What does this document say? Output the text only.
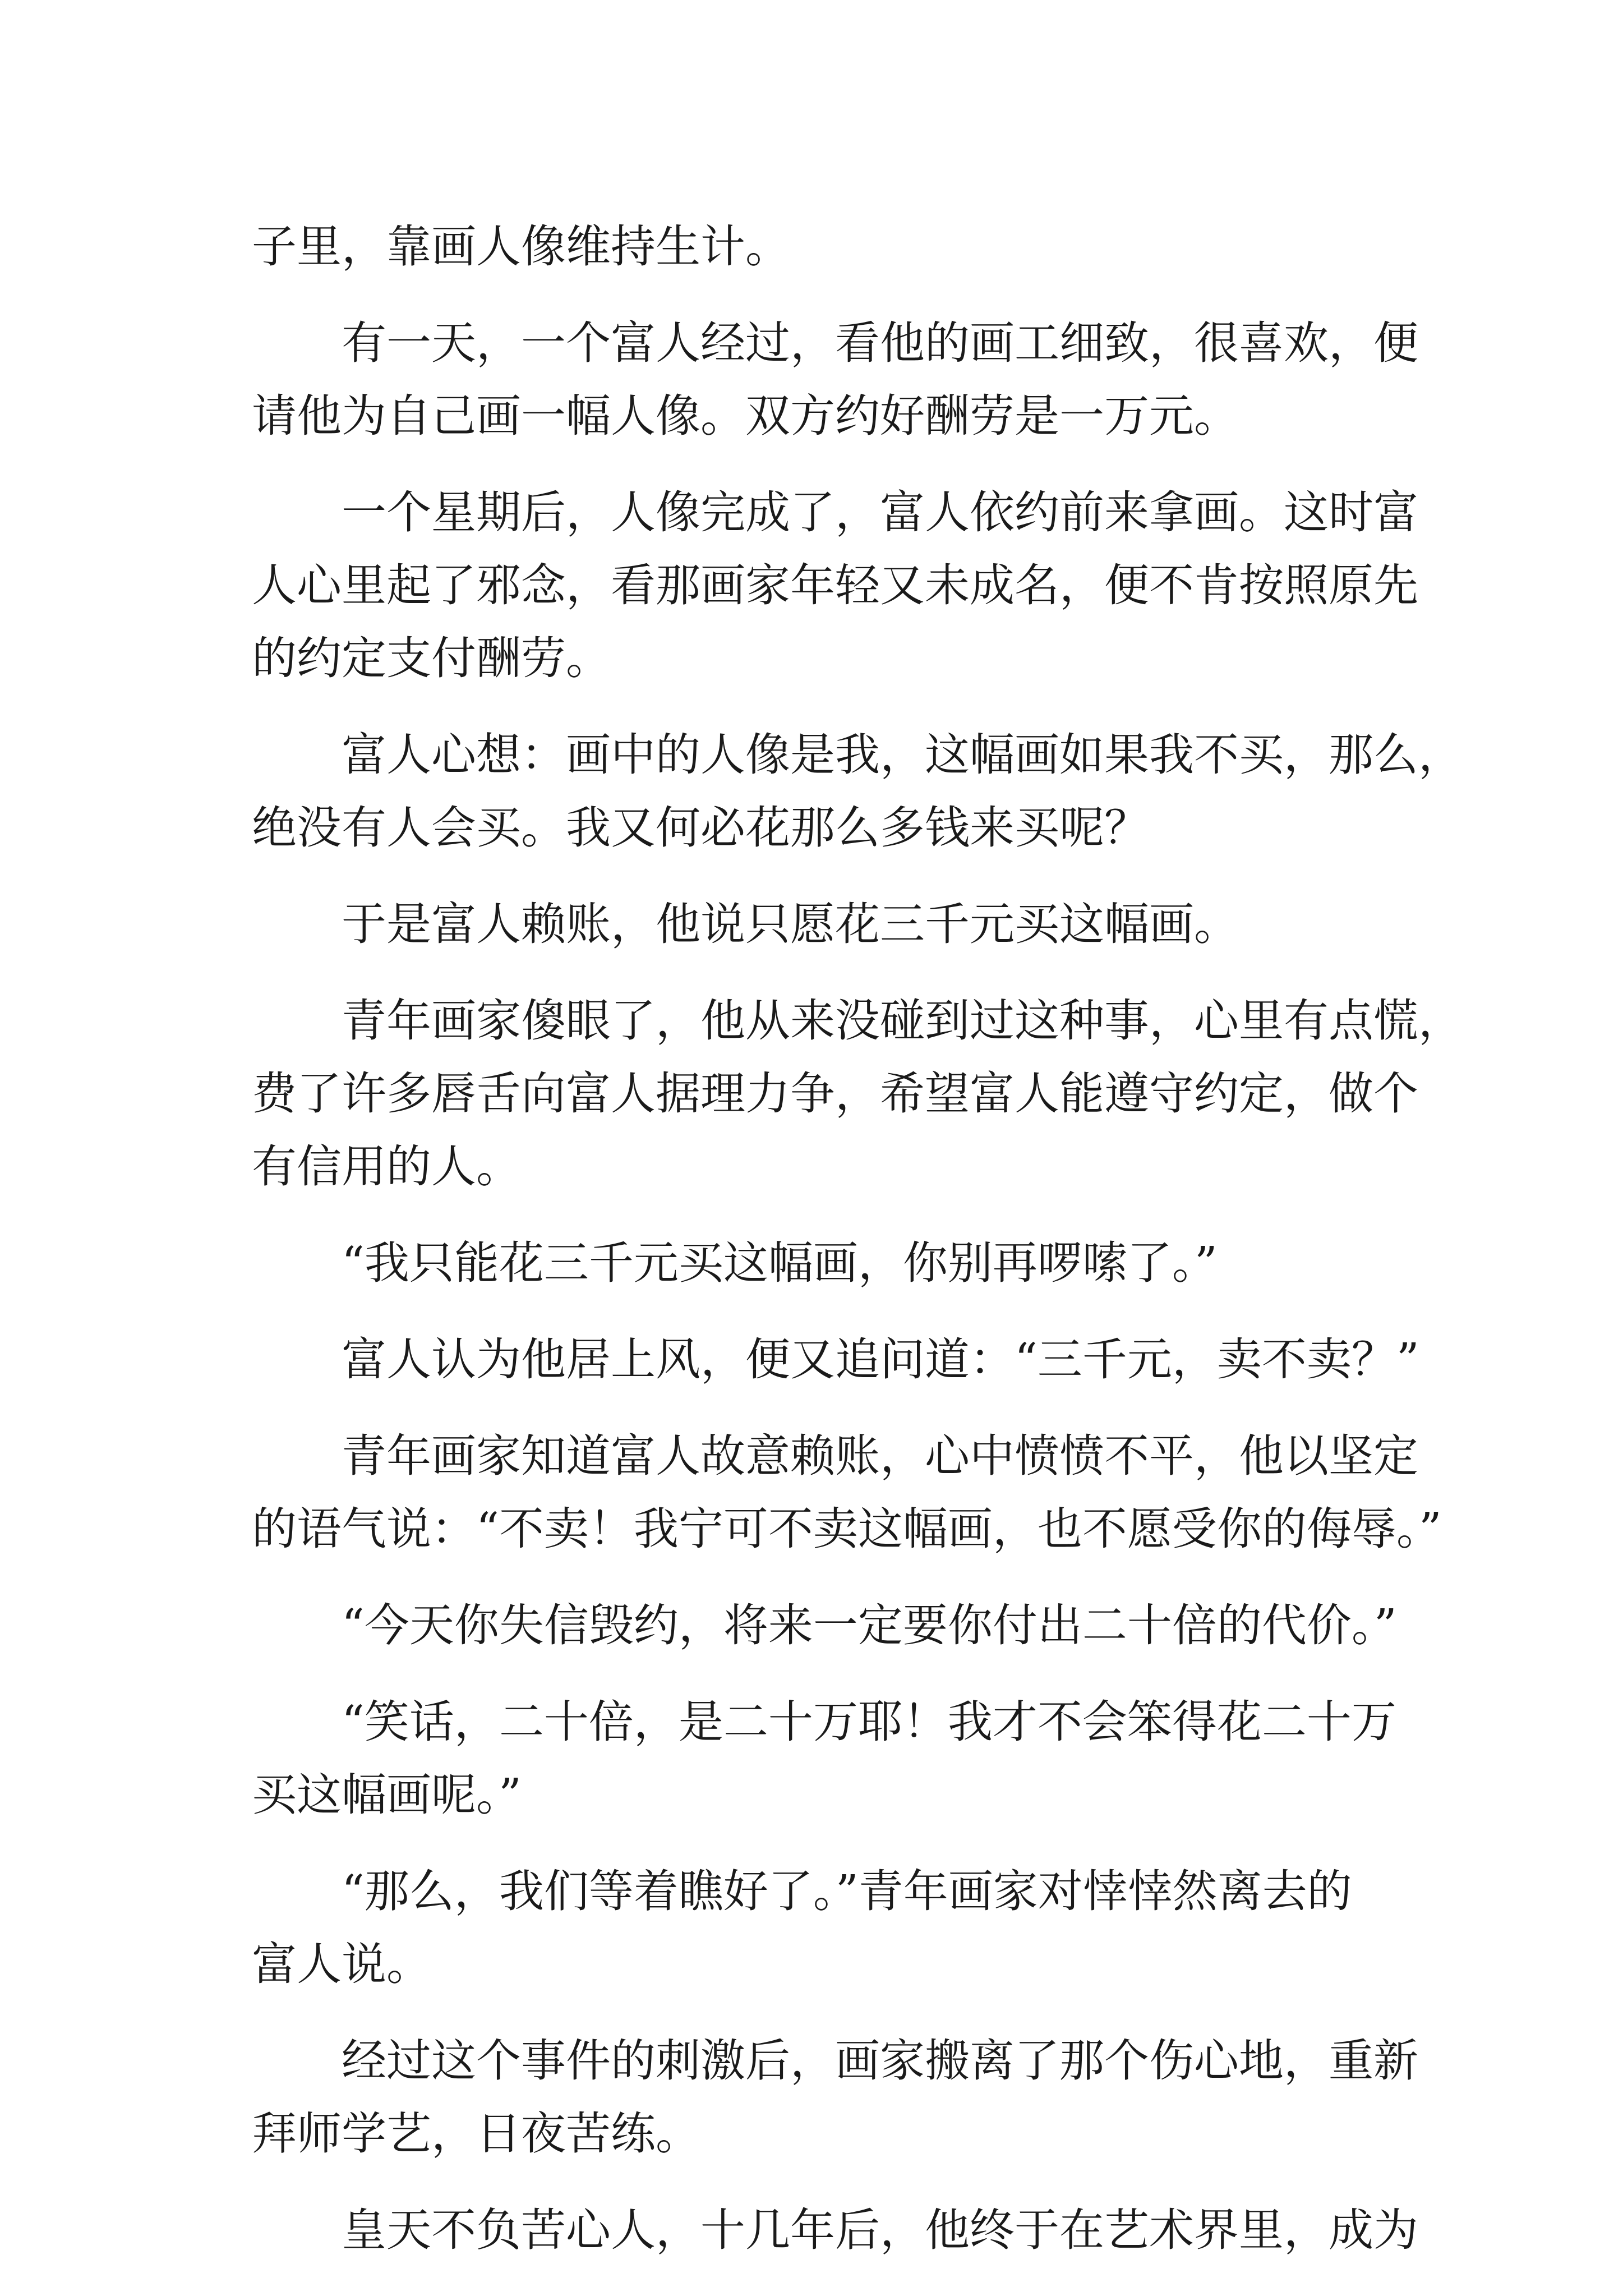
子里，靠画人像维持生计。
有一天，一个富人经过，看他的画工细致，很喜欢，便
请他为自己画一幅人像。双方约好酬劳是一万元。
一个星期后，人像完成了，富人依约前来拿画。这时富
人心里起了邪念，看那画家年轻又未成名，便不肯按照原先
的约定支付酬劳。
富人心想：画中的人像是我，这幅画如果我不买，那么，
绝没有人会买。我又何必花那么多钱来买呢？
于是富人赖账，他说只愿花三千元买这幅画。
青年画家傻眼了，他从来没碰到过这种事，心里有点慌，
费了许多唇舌向富人据理力争，希望富人能遵守约定，做个
有信用的人。
“我只能花三千元买这幅画，你别再啰嗦了。”
富人认为他居上风，便又追问道：“三千元，卖不卖？”
青年画家知道富人故意赖账，心中愤愤不平，他以坚定
的语气说：“不卖！我宁可不卖这幅画，也不愿受你的侮辱。”
“今天你失信毁约，将来一定要你付出二十倍的代价。”
“笑话，二十倍，是二十万耶！我才不会笨得花二十万
买这幅画呢。”
“那么，我们等着瞧好了。”青年画家对悻悻然离去的
富人说。
经过这个事件的刺激后，画家搬离了那个伤心地，重新
拜师学艺，日夜苦练。
皇天不负苦心人，十几年后，他终于在艺术界里，成为
